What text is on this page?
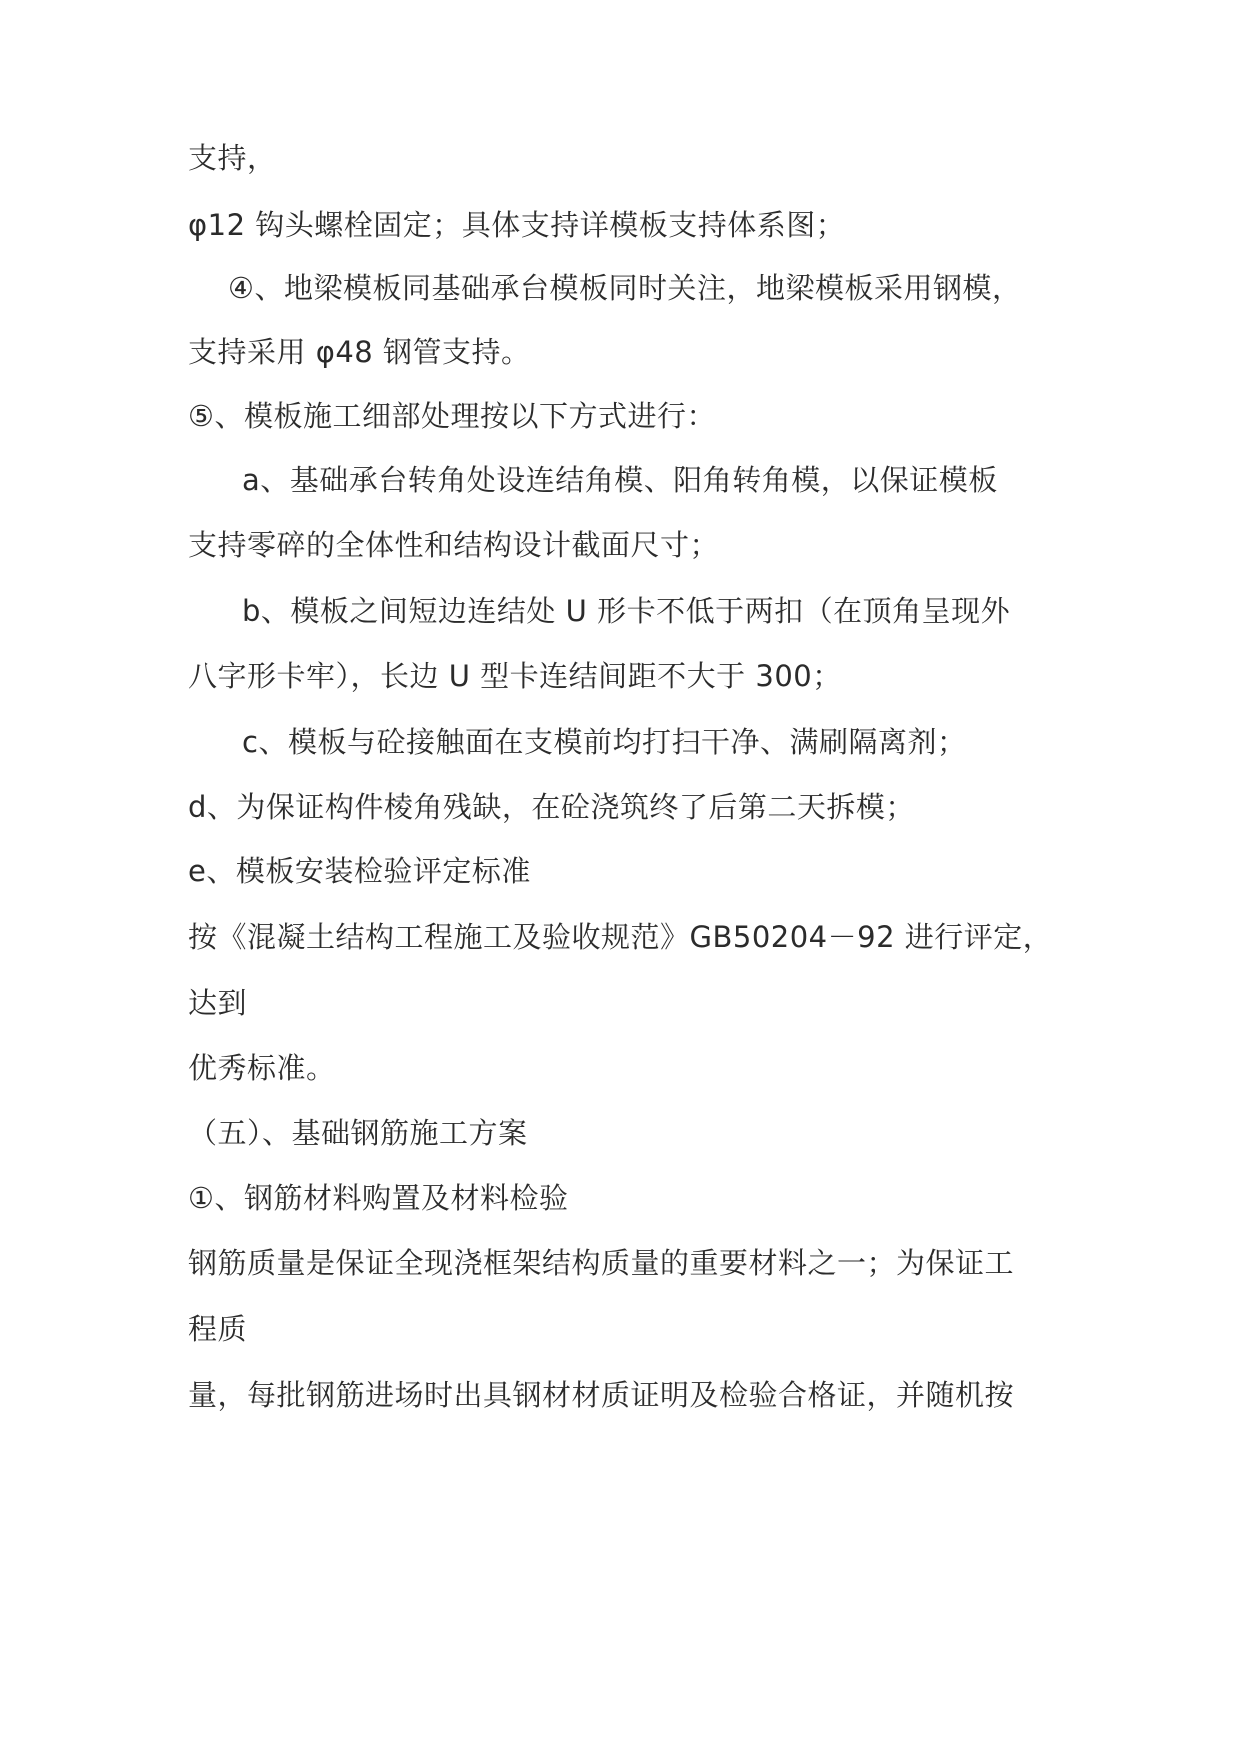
支持，
φ12 钩头螺栓固定；具体支持详模板支持体系图；
④、地梁模板同基础承台模板同时关注，地梁模板采用钢模，
支持采用 φ48 钢管支持。
⑤、模板施工细部处理按以下方式进行：
a、基础承台转角处设连结角模、阳角转角模，以保证模板
支持零碎的全体性和结构设计截面尺寸；
b、模板之间短边连结处 U 形卡不低于两扣（在顶角呈现外
八字形卡牢），长边 U 型卡连结间距不大于 300；
c、模板与砼接触面在支模前均打扫干净、满刷隔离剂；
d、为保证构件棱角残缺，在砼浇筑终了后第二天拆模；
e、模板安装检验评定标准
按《混凝土结构工程施工及验收规范》GB50204－92 进行评定，
达到
优秀标准。
（五）、基础钢筋施工方案
①、钢筋材料购置及材料检验
钢筋质量是保证全现浇框架结构质量的重要材料之一；为保证工
程质
量，每批钢筋进场时出具钢材材质证明及检验合格证，并随机按
